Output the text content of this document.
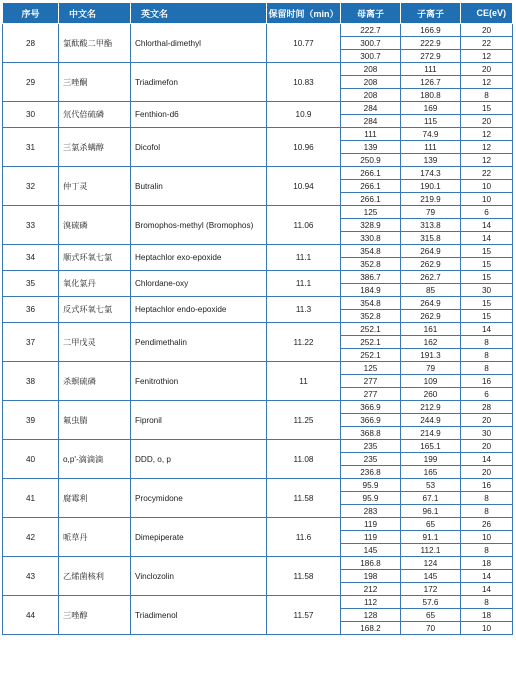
序号	中文名	英文名	保留时间（min）	母离子	子离子	CE(eV)
28	氯酞酸二甲酯	Chlorthal-dimethyl	10.77	222.7	166.9	20
				300.7	222.9	22
				300.7	272.9	12
29	三唑酮	Triadimefon	10.83	208	111	20
				208	126.7	12
				208	180.8	8
30	氘代倍硫磷	Fenthion-d6	10.9	284	169	15
				284	115	20
31	三氯杀螨醇	Dicofol	10.96	111	74.9	12
				139	111	12
				250.9	139	12
32	仲丁灵	Butralin	10.94	266.1	174.3	22
				266.1	190.1	10
				266.1	219.9	10
33	溴硫磷	Bromophos-methyl (Bromophos)	11.06	125	79	6
				328.9	313.8	14
				330.8	315.8	14
34	顺式环氧七氯	Heptachlor exo-epoxide	11.1	354.8	264.9	15
				352.8	262.9	15
35	氧化氯丹	Chlordane-oxy	11.1	386.7	262.7	15
				184.9	85	30
36	反式环氧七氯	Heptachlor endo-epoxide	11.3	354.8	264.9	15
				352.8	262.9	15
37	二甲戊灵	Pendimethalin	11.22	252.1	161	14
				252.1	162	8
				252.1	191.3	8
38	杀螟硫磷	Fenitrothion	11	125	79	8
				277	109	16
				277	260	6
39	氟虫腈	Fipronil	11.25	366.9	212.9	28
				366.9	244.9	20
				368.8	214.9	30
40	o,p'-滴滴滴	DDD, o, p	11.08	235	165.1	20
				235	199	14
				236.8	165	20
41	腐霉利	Procymidone	11.58	95.9	53	16
				95.9	67.1	8
				283	96.1	8
42	哌草丹	Dimepiperate	11.6	119	65	26
				119	91.1	10
				145	112.1	8
43	乙烯菌核利	Vinclozolin	11.58	186.8	124	18
				198	145	14
				212	172	14
44	三唑醇	Triadimenol	11.57	112	57.6	8
				128	65	18
				168.2	70	10
